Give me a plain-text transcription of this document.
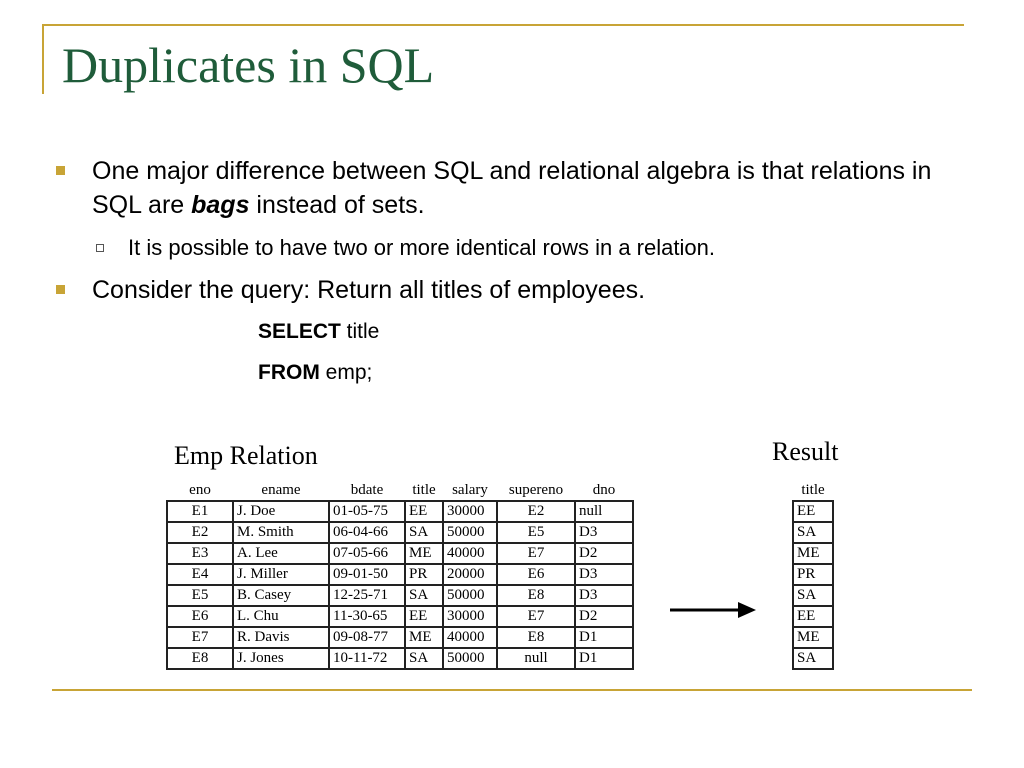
Duplicates in SQL
One major difference between SQL and relational algebra is that relations in SQL are bags instead of sets.
It is possible to have two or more identical rows in a relation.
Consider the query: Return all titles of employees.
SELECT title
FROM emp;
Emp Relation
eno	ename	bdate	title	salary	supereno	dno
E1	J. Doe	01-05-75	EE	30000	E2	null
E2	M. Smith	06-04-66	SA	50000	E5	D3
E3	A. Lee	07-05-66	ME	40000	E7	D2
E4	J. Miller	09-01-50	PR	20000	E6	D3
E5	B. Casey	12-25-71	SA	50000	E8	D3
E6	L. Chu	11-30-65	EE	30000	E7	D2
E7	R. Davis	09-08-77	ME	40000	E8	D1
E8	J. Jones	10-11-72	SA	50000	null	D1
Result
title
EE
SA
ME
PR
SA
EE
ME
SA
